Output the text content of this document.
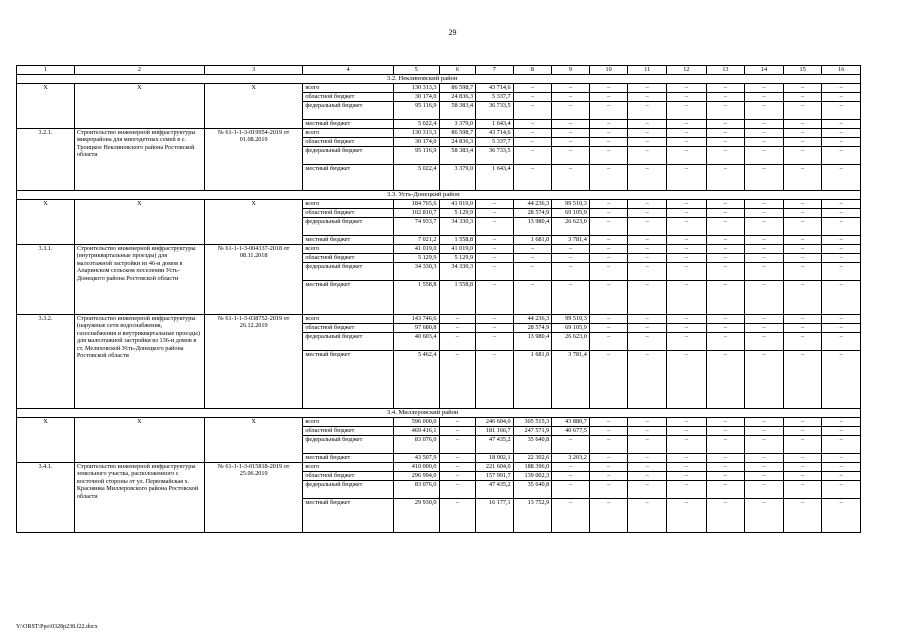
29
1	2	3	4	5	6	7	8	9	10	11	12	13	14	15	16
			3.2. Неклиновский район												
X	X	X	всего	130 313,3	86 598,7	43 714,6	–	–	–	–	–	–	–	–	–
			областной бюджет	30 174,0	24 836,3	5 337,7	–	–	–	–	–	–	–	–	–
			федеральный бюджет	95 116,9	58 383,4	36 733,5	–	–	–	–	–	–	–	–	–
			местный бюджет	5 022,4	3 379,0	1 643,4	–	–	–	–	–	–	–	–	–
3.2.1.	Строительство инженерной инфраструктуры микрорайона для многодетных семей в с. Троицкое Неклиновского района Ростовской области	№ 61-1-1-3-019954-2019 от 01.08.2019	всего	130 313,3	86 598,7	43 714,6	–	–	–	–	–	–	–	–	–
			областной бюджет	30 174,0	24 836,3	5 337,7	–	–	–	–	–	–	–	–	–
			федеральный бюджет	95 116,9	58 383,4	36 733,5	–	–	–	–	–	–	–	–	–
			местный бюджет	5 022,4	3 379,0	1 643,4	–	–	–	–	–	–	–	–	–
			3.3. Усть-Донецкий район												
X	X	X	всего	184 765,6	41 019,0	–	44 236,3	99 510,3	–	–	–	–	–	–	–
			областной бюджет	102 810,7	5 129,9	–	28 574,9	69 105,9	–	–	–	–	–	–	–
			федеральный бюджет	74 933,7	34 330,3	–	13 980,4	26 623,0	–	–	–	–	–	–	–
			местный бюджет	7 021,2	1 558,8	–	1 681,0	3 781,4	–	–	–	–	–	–	–
3.3.1.	Строительство инженерной инфраструктуры (внутриквартальные проезды) для малоэтажной застройки из 46-и домов в Апаринском сельском поселении Усть-Донецкого района Ростовской области	№ 61-1-1-3-004337-2018 от 08.11.2018	всего	41 019,0	41 019,0	–	–	–	–	–	–	–	–	–	–
			областной бюджет	5 129,9	5 129,9	–	–	–	–	–	–	–	–	–	–
			федеральный бюджет	34 330,3	34 330,3	–	–	–	–	–	–	–	–	–	–
			местный бюджет	1 558,8	1 558,8	–	–	–	–	–	–	–	–	–	–
3.3.2.	Строительство инженерной инфраструктуры (наружные сети водоснабжения, газоснабжения и внутриквартальные проезды) для малоэтажной застройки из 136-и домов в ст. Мелиховской Усть-Донецкого района Ростовской области	№ 61-1-1-3-038752-2019 от 26.12.2019	всего	143 746,6	–	–	44 236,3	99 510,3	–	–	–	–	–	–	–
			областной бюджет	97 680,8	–	–	28 574,9	69 105,9	–	–	–	–	–	–	–
			федеральный бюджет	40 603,4	–	–	13 980,4	26 623,0	–	–	–	–	–	–	–
			местный бюджет	5 462,4	–	–	1 681,0	3 781,4	–	–	–	–	–	–	–
			3.4. Миллеровский район												
X	X	X	всего	596 000,0	–	246 604,0	305 515,3	43 880,7	–	–	–	–	–	–	–
			областной бюджет	469 416,1	–	181 166,7	247 571,9	40 677,5	–	–	–	–	–	–	–
			федеральный бюджет	83 076,0	–	47 435,2	35 640,8	–	–	–	–	–	–	–	–
			местный бюджет	43 507,9	–	18 002,1	22 302,6	3 203,2	–	–	–	–	–	–	–
3.4.1.	Строительство инженерной инфраструктуры земельного участка, расположенного с восточной стороны от ул. Первомайская х. Краснянка Миллеровского района Ростовской области	№ 61-1-1-3-015818-2019 от 25.06.2019	всего	410 000,0	–	221 604,0	188 396,0	–	–	–	–	–	–	–	–
			областной бюджет	296 994,0	–	157 991,7	139 002,3	–	–	–	–	–	–	–	–
			федеральный бюджет	83 076,0	–	47 435,2	35 640,8	–	–	–	–	–	–	–	–
			местный бюджет	29 930,0	–	16 177,1	13 752,9	–	–	–	–	–	–	–	–
Y:\ORST\Ppo\0328p238.f22.docx
